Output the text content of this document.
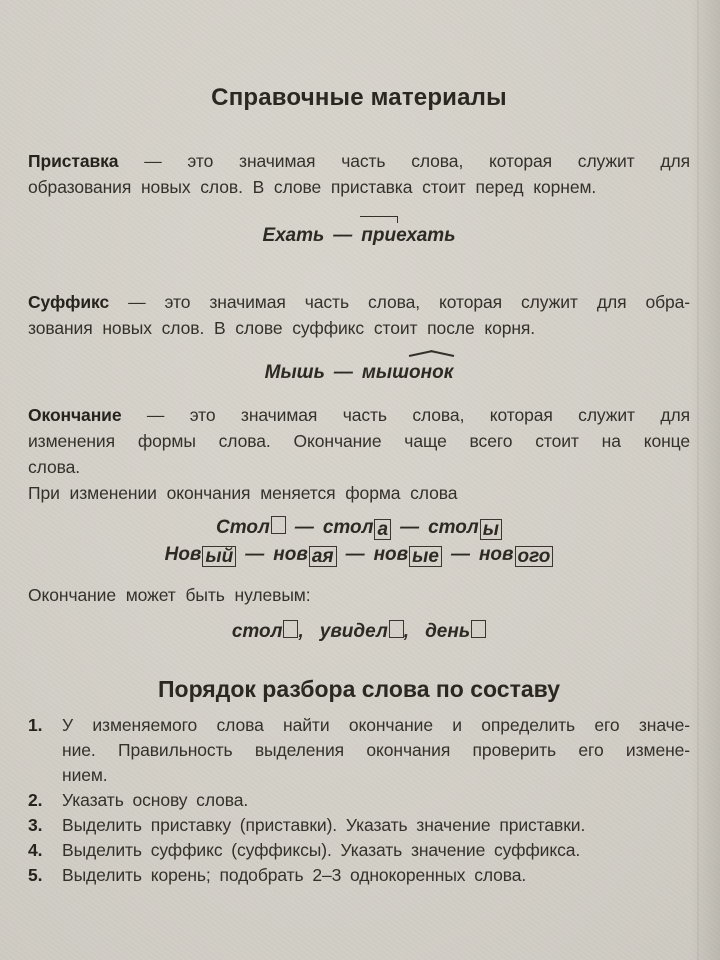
Справочные материалы
Приставка — это значимая часть слова, которая служит для
образования новых слов. В слове приставка стоит перед корнем.
Ехать — приехать
Суффикс — это значимая часть слова, которая служит для обра-
зования новых слов. В слове суффикс стоит после корня.
Мышь — мышонок
Окончание — это значимая часть слова, которая служит для
изменения формы слова. Окончание чаще всего стоит на конце
слова.
При изменении окончания меняется форма слова
Стол — стол а — стол ы
Нов ый — нов ая — нов ые — нов ого
Окончание может быть нулевым:
стол , увидел , день
Порядок разбора слова по составу
1.	У изменяемого слова найти окончание и определить его значе-
ние. Правильность выделения окончания проверить его измене-
нием.
2.	Указать основу слова.
3.	Выделить приставку (приставки). Указать значение приставки.
4.	Выделить суффикс (суффиксы). Указать значение суффикса.
5.	Выделить корень; подобрать 2–3 однокоренных слова.
